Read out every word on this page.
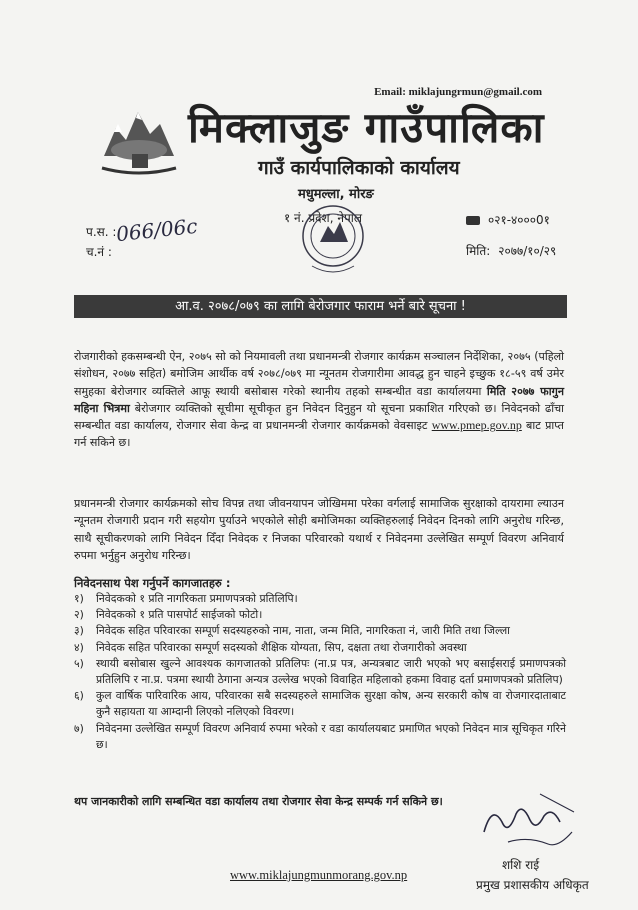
Email: miklajungrmun@gmail.com
मिक्लाजुङ गाउँपालिका
गाउँ कार्यपालिकाको कार्यालय
मधुमल्ला, मोरङ
१ नं. प्रदेश, नेपाल
प.स. :
066/06c
च.नं :
०२१-४०००0१
मिति: २०७७/१०/२९
आ.व. २०७८/०७९ का लागि बेरोजगार फाराम भर्ने बारे सूचना !

रोजगारीको हकसम्बन्धी ऐन, २०७५ सो को नियमावली तथा प्रधानमन्त्री रोजगार कार्यक्रम सञ्चालन निर्देशिका, २०७५ (पहिलो संशोधन, २०७७ सहित) बमोजिम आर्थीक वर्ष २०७८/०७९ मा न्यूनतम रोजगारीमा आवद्ध हुन चाहने इच्छुक १८-५९ वर्ष उमेर समुहका बेरोजगार व्यक्तिले आफू स्थायी बसोबास गरेको स्थानीय तहको सम्बन्धीत वडा कार्यालयमा मिति २०७७ फागुन महिना भित्रमा बेरोजगार व्यक्तिको सूचीमा सूचीकृत हुन निवेदन दिनुहुन यो सूचना प्रकाशित गरिएको छ। निवेदनको ढाँचा सम्बन्धीत वडा कार्यालय, रोजगार सेवा केन्द्र वा प्रधानमन्त्री रोजगार कार्यक्रमको वेवसाइट www.pmep.gov.np बाट प्राप्त गर्न सकिने छ।

प्रधानमन्त्री रोजगार कार्यक्रमको सोच विपन्न तथा जीवनयापन जोखिममा परेका वर्गलाई सामाजिक सुरक्षाको दायरामा ल्याउन न्यूनतम रोजगारी प्रदान गरी सहयोग पुर्याउने भएकोले सोही बमोजिमका व्यक्तिहरुलाई निवेदन दिनको लागि अनुरोध गरिन्छ, साथै सूचीकरणको लागि निवेदन दिँदा निवेदक र निजका परिवारको यथार्थ र निवेदनमा उल्लेखित सम्पूर्ण विवरण अनिवार्य रुपमा भर्नुहुन अनुरोध गरिन्छ।

निवेदनसाथ पेश गर्नुपर्ने कागजातहरु :
१)	निवेदकको १ प्रति नागरिकता प्रमाणपत्रको प्रतिलिपि।
२)	निवेदकको १ प्रति पासपोर्ट साईजको फोटो।
३)	निवेदक सहित परिवारका सम्पूर्ण सदस्यहरुको नाम, नाता, जन्म मिति, नागरिकता नं, जारी मिति तथा जिल्ला
४)	निवेदक सहित परिवारका सम्पूर्ण सदस्यको शैक्षिक योग्यता, सिप, दक्षता तथा रोजगारीको अवस्था
५)	स्थायी बसोबास खुल्ने आवश्यक कागजातको प्रतिलिपः (ना.प्र पत्र, अन्यत्रबाट जारी भएको भए बसाईसराई प्रमाणपत्रको प्रतिलिपि र ना.प्र. पत्रमा स्थायी ठेगाना अन्यत्र उल्लेख भएको विवाहित महिलाको हकमा विवाह दर्ता प्रमाणपत्रको प्रतिलिप)
६)	कुल वार्षिक पारिवारिक आय, परिवारका सबै सदस्यहरुले सामाजिक सुरक्षा कोष, अन्य सरकारी कोष वा रोजगारदाताबाट कुनै सहायता या आम्दानी लिएको नलिएको विवरण।
७)	निवेदनमा उल्लेखित सम्पूर्ण विवरण अनिवार्य रुपमा भरेको र वडा कार्यालयबाट प्रमाणित भएको निवेदन मात्र सूचिकृत गरिने छ।
थप जानकारीको लागि सम्बन्धित वडा कार्यालय तथा रोजगार सेवा केन्द्र सम्पर्क गर्न सकिने छ।
शशि राई
प्रमुख प्रशासकीय अधिकृत
www.miklajungmunmorang.gov.np
